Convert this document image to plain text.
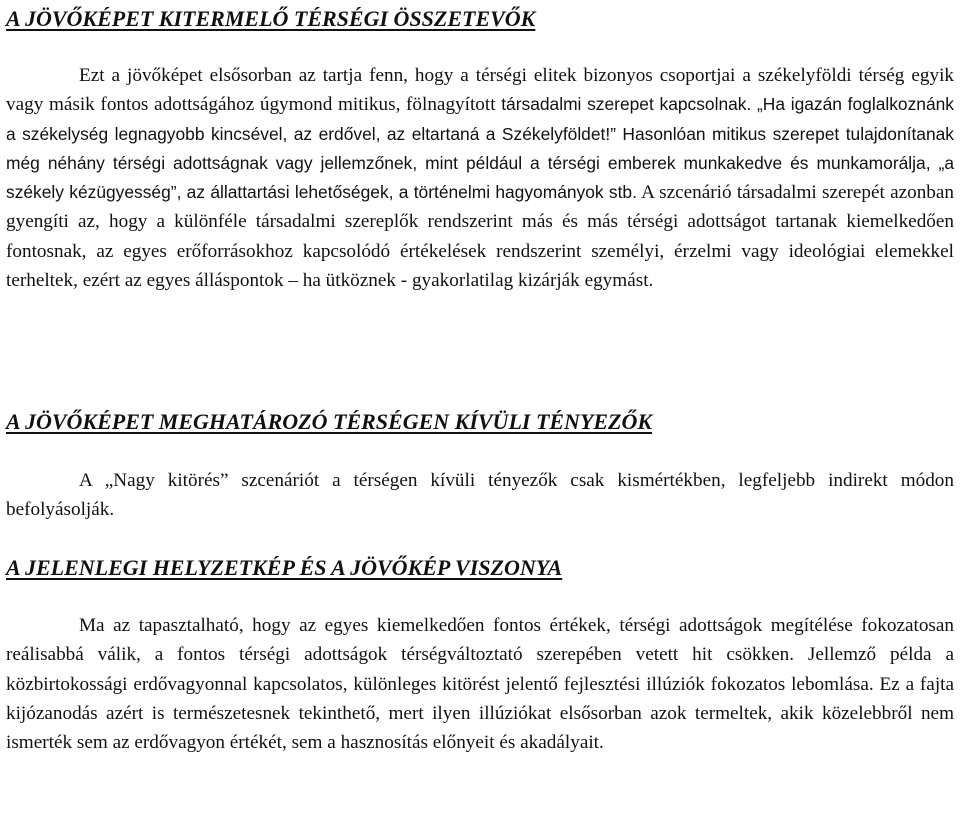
A JÖVŐKÉPET KITERMELŐ TÉRSÉGI ÖSSZETEVŐK

Ezt a jövőképet elsősorban az tartja fenn, hogy a térségi elitek bizonyos csoportjai a székelyföldi térség egyik vagy másik fontos adottságához úgymond mitikus, fölnagyított társadalmi szerepet kapcsolnak. „Ha igazán foglalkoznánk a székelység legnagyobb kincsével, az erdővel, az eltartaná a Székelyföldet!” Hasonlóan mitikus szerepet tulajdonítanak még néhány térségi adottságnak vagy jellemzőnek, mint például a térségi emberek munkakedve és munkamorálja, „a székely kézügyesség”, az állattartási lehetőségek, a történelmi hagyományok stb. A szcenárió társadalmi szerepét azonban gyengíti az, hogy a különféle társadalmi szereplők rendszerint más és más térségi adottságot tartanak kiemelkedően fontosnak, az egyes erőforrásokhoz kapcsolódó értékelések rendszerint személyi, érzelmi vagy ideológiai elemekkel terheltek, ezért az egyes álláspontok – ha ütköznek - gyakorlatilag kizárják egymást.

A JÖVŐKÉPET MEGHATÁROZÓ TÉRSÉGEN KÍVÜLI TÉNYEZŐK

A „Nagy kitörés” szcenáriót a térségen kívüli tényezők csak kismértékben, legfeljebb indirekt módon befolyásolják.

A JELENLEGI HELYZETKÉP ÉS A JÖVŐKÉP VISZONYA

Ma az tapasztalható, hogy az egyes kiemelkedően fontos értékek, térségi adottságok megítélése fokozatosan reálisabbá válik, a fontos térségi adottságok térségváltoztató szerepében vetett hit csökken. Jellemző példa a közbirtokossági erdővagyonnal kapcsolatos, különleges kitörést jelentő fejlesztési illúziók fokozatos lebomlása. Ez a fajta kijózanodás azért is természetesnek tekinthető, mert ilyen illúziókat elsősorban azok termeltek, akik közelebbről nem ismerték sem az erdővagyon értékét, sem a hasznosítás előnyeit és akadályait.
